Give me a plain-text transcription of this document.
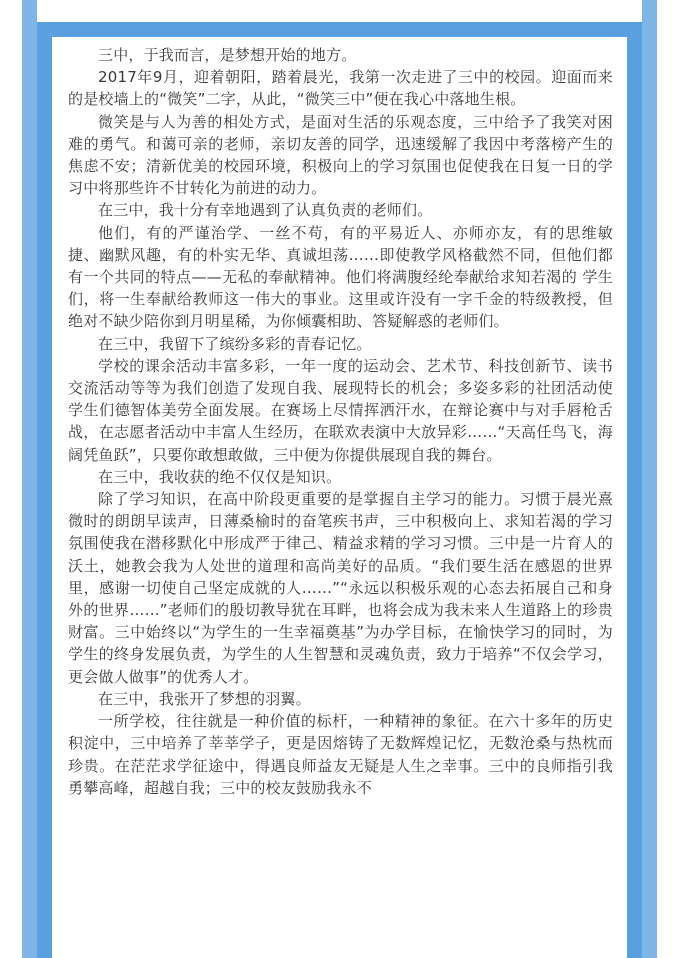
三中，于我而言，是梦想开始的地方。

2017年9月，迎着朝阳，踏着晨光，我第一次走进了三中的校园。迎面而来的是校墙上的“微笑”二字，从此，“微笑三中”便在我心中落地生根。

微笑是与人为善的相处方式，是面对生活的乐观态度，三中给予了我笑对困难的勇气。和蔼可亲的老师，亲切友善的同学，迅速缓解了我因中考落榜产生的焦虑不安；清新优美的校园环境，积极向上的学习氛围也促使我在日复一日的学习中将那些许不甘转化为前进的动力。

在三中，我十分有幸地遇到了认真负责的老师们。

他们，有的严谨治学、一丝不苟，有的平易近人、亦师亦友，有的思维敏捷、幽默风趣，有的朴实无华、真诚坦荡……即使教学风格截然不同，但他们都有一个共同的特点——无私的奉献精神。他们将满腹经纶奉献给求知若渴的 学生们，将一生奉献给教师这一伟大的事业。这里或许没有一字千金的特级教授，但绝对不缺少陪你到月明星稀，为你倾囊相助、答疑解惑的老师们。

在三中，我留下了缤纷多彩的青春记忆。

学校的课余活动丰富多彩，一年一度的运动会、艺术节、科技创新节、读书交流活动等等为我们创造了发现自我、展现特长的机会；多姿多彩的社团活动使学生们德智体美劳全面发展。在赛场上尽情挥洒汗水，在辩论赛中与对手唇枪舌战，在志愿者活动中丰富人生经历，在联欢表演中大放异彩……“天高任鸟飞，海阔凭鱼跃”，只要你敢想敢做，三中便为你提供展现自我的舞台。

在三中，我收获的绝不仅仅是知识。

除了学习知识，在高中阶段更重要的是掌握自主学习的能力。习惯于晨光熹微时的朗朗早读声，日薄桑榆时的奋笔疾书声，三中积极向上、求知若渴的学习氛围使我在潜移默化中形成严于律己、精益求精的学习习惯。三中是一片育人的沃土，她教会我为人处世的道理和高尚美好的品质。“我们要生活在感恩的世界里，感谢一切使自己坚定成就的人……”“永远以积极乐观的心态去拓展自己和身外的世界……”老师们的殷切教导犹在耳畔，也将会成为我未来人生道路上的珍贵财富。三中始终以“为学生的一生幸福奠基”为办学目标，在愉快学习的同时，为学生的终身发展负责，为学生的人生智慧和灵魂负责，致力于培养“不仅会学习，更会做人做事”的优秀人才。

在三中，我张开了梦想的羽翼。

一所学校，往往就是一种价值的标杆，一种精神的象征。在六十多年的历史积淀中，三中培养了莘莘学子，更是因熔铸了无数辉煌记忆，无数沧桑与热枕而珍贵。在茫茫求学征途中，得遇良师益友无疑是人生之幸事。三中的良师指引我勇攀高峰，超越自我；三中的校友鼓励我永不
